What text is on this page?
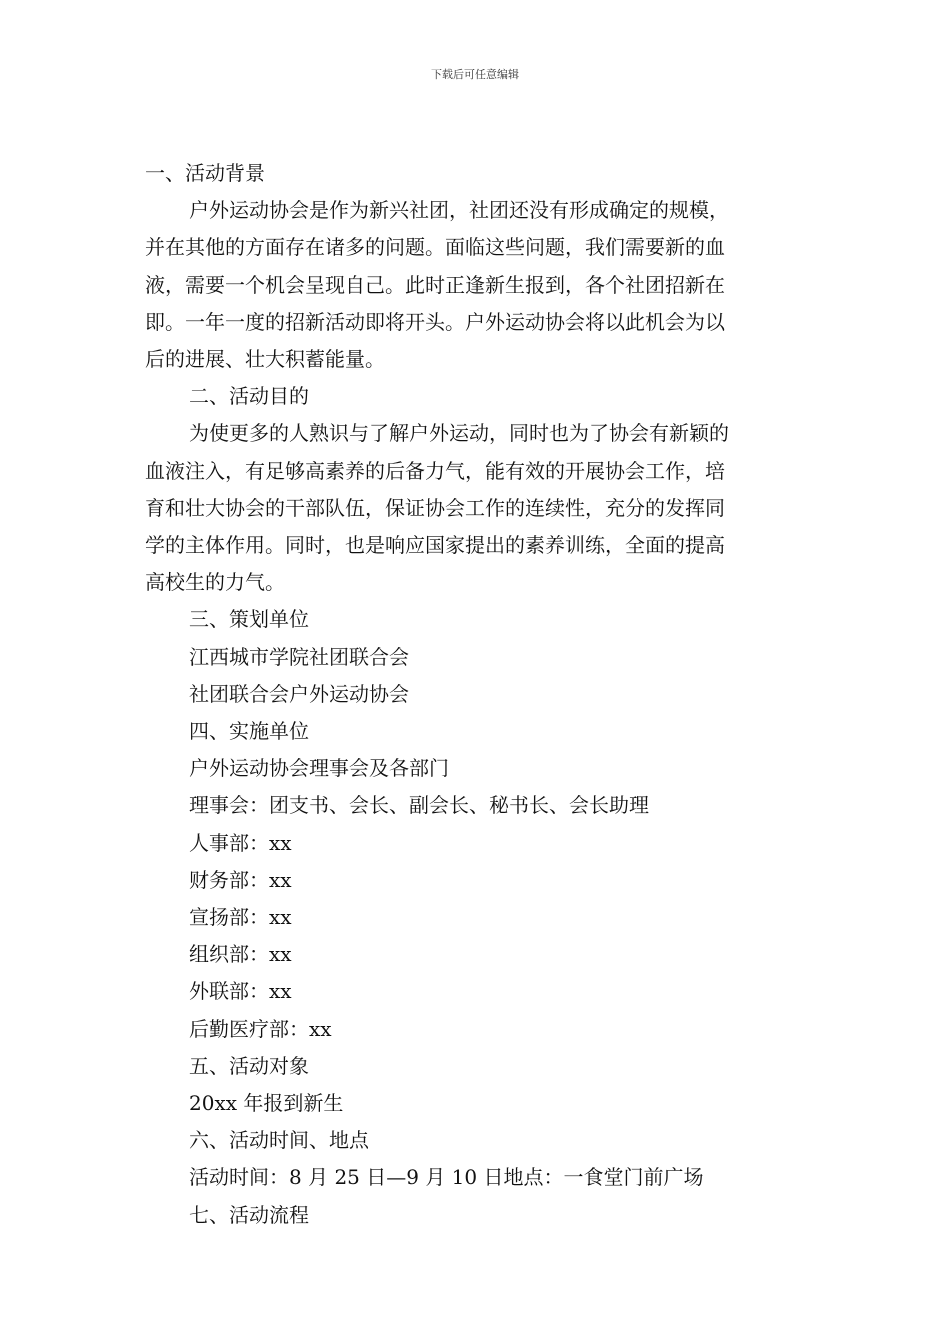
下载后可任意编辑

一、活动背景

户外运动协会是作为新兴社团，社团还没有形成确定的规模，

并在其他的方面存在诸多的问题。面临这些问题，我们需要新的血

液，需要一个机会呈现自己。此时正逢新生报到，各个社团招新在

即。一年一度的招新活动即将开头。户外运动协会将以此机会为以

后的进展、壮大积蓄能量。

二、活动目的

为使更多的人熟识与了解户外运动，同时也为了协会有新颖的

血液注入，有足够高素养的后备力气，能有效的开展协会工作，培

育和壮大协会的干部队伍，保证协会工作的连续性，充分的发挥同

学的主体作用。同时，也是响应国家提出的素养训练，全面的提高

高校生的力气。

三、策划单位

江西城市学院社团联合会

社团联合会户外运动协会

四、实施单位

户外运动协会理事会及各部门

理事会：团支书、会长、副会长、秘书长、会长助理

人事部：xx

财务部：xx

宣扬部：xx

组织部：xx

外联部：xx

后勤医疗部：xx

五、活动对象

20xx 年报到新生

六、活动时间、地点

活动时间：8 月 25 日—9 月 10 日地点：一食堂门前广场

七、活动流程
